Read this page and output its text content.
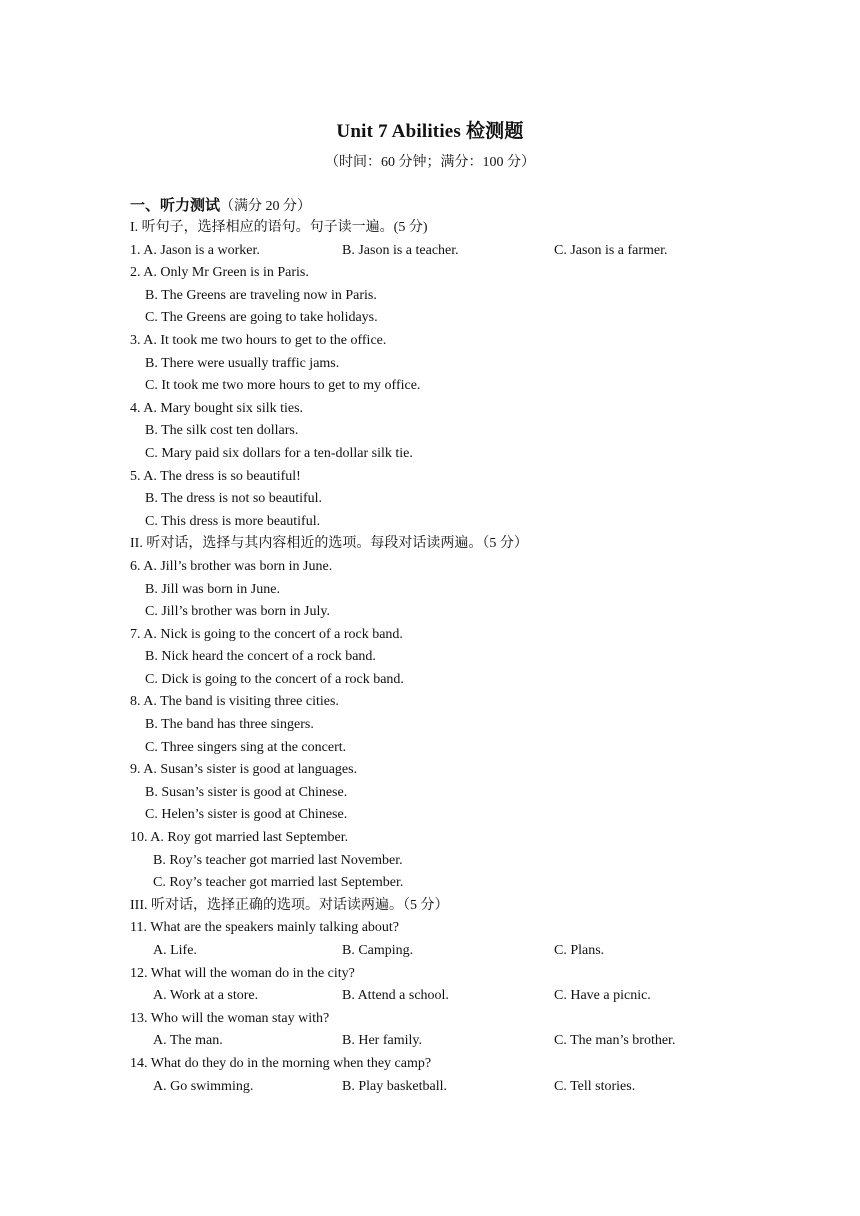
Unit 7 Abilities 检测题
（时间：60 分钟；满分：100 分）
一、听力测试（满分 20 分）
I. 听句子，选择相应的语句。句子读一遍。(5 分)
1. A. Jason is a worker.	B. Jason is a teacher.	C. Jason is a farmer.
2. A. Only Mr Green is in Paris.
B. The Greens are traveling now in Paris.
C. The Greens are going to take holidays.
3. A. It took me two hours to get to the office.
B. There were usually traffic jams.
C. It took me two more hours to get to my office.
4. A. Mary bought six silk ties.
B. The silk cost ten dollars.
C. Mary paid six dollars for a ten-dollar silk tie.
5. A. The dress is so beautiful!
B. The dress is not so beautiful.
C. This dress is more beautiful.
II. 听对话，选择与其内容相近的选项。每段对话读两遍。（5 分）
6. A. Jill’s brother was born in June.
B. Jill was born in June.
C. Jill’s brother was born in July.
7. A. Nick is going to the concert of a rock band.
B. Nick heard the concert of a rock band.
C. Dick is going to the concert of a rock band.
8. A. The band is visiting three cities.
B. The band has three singers.
C. Three singers sing at the concert.
9. A. Susan’s sister is good at languages.
B. Susan’s sister is good at Chinese.
C. Helen’s sister is good at Chinese.
10. A. Roy got married last September.
B. Roy’s teacher got married last November.
C. Roy’s teacher got married last September.
III. 听对话，选择正确的选项。对话读两遍。（5 分）
11. What are the speakers mainly talking about?
A. Life.	B. Camping.	C. Plans.
12. What will the woman do in the city?
A. Work at a store.	B. Attend a school.	C. Have a picnic.
13. Who will the woman stay with?
A. The man.	B. Her family.	C. The man’s brother.
14. What do they do in the morning when they camp?
A. Go swimming.	B. Play basketball.	C. Tell stories.
